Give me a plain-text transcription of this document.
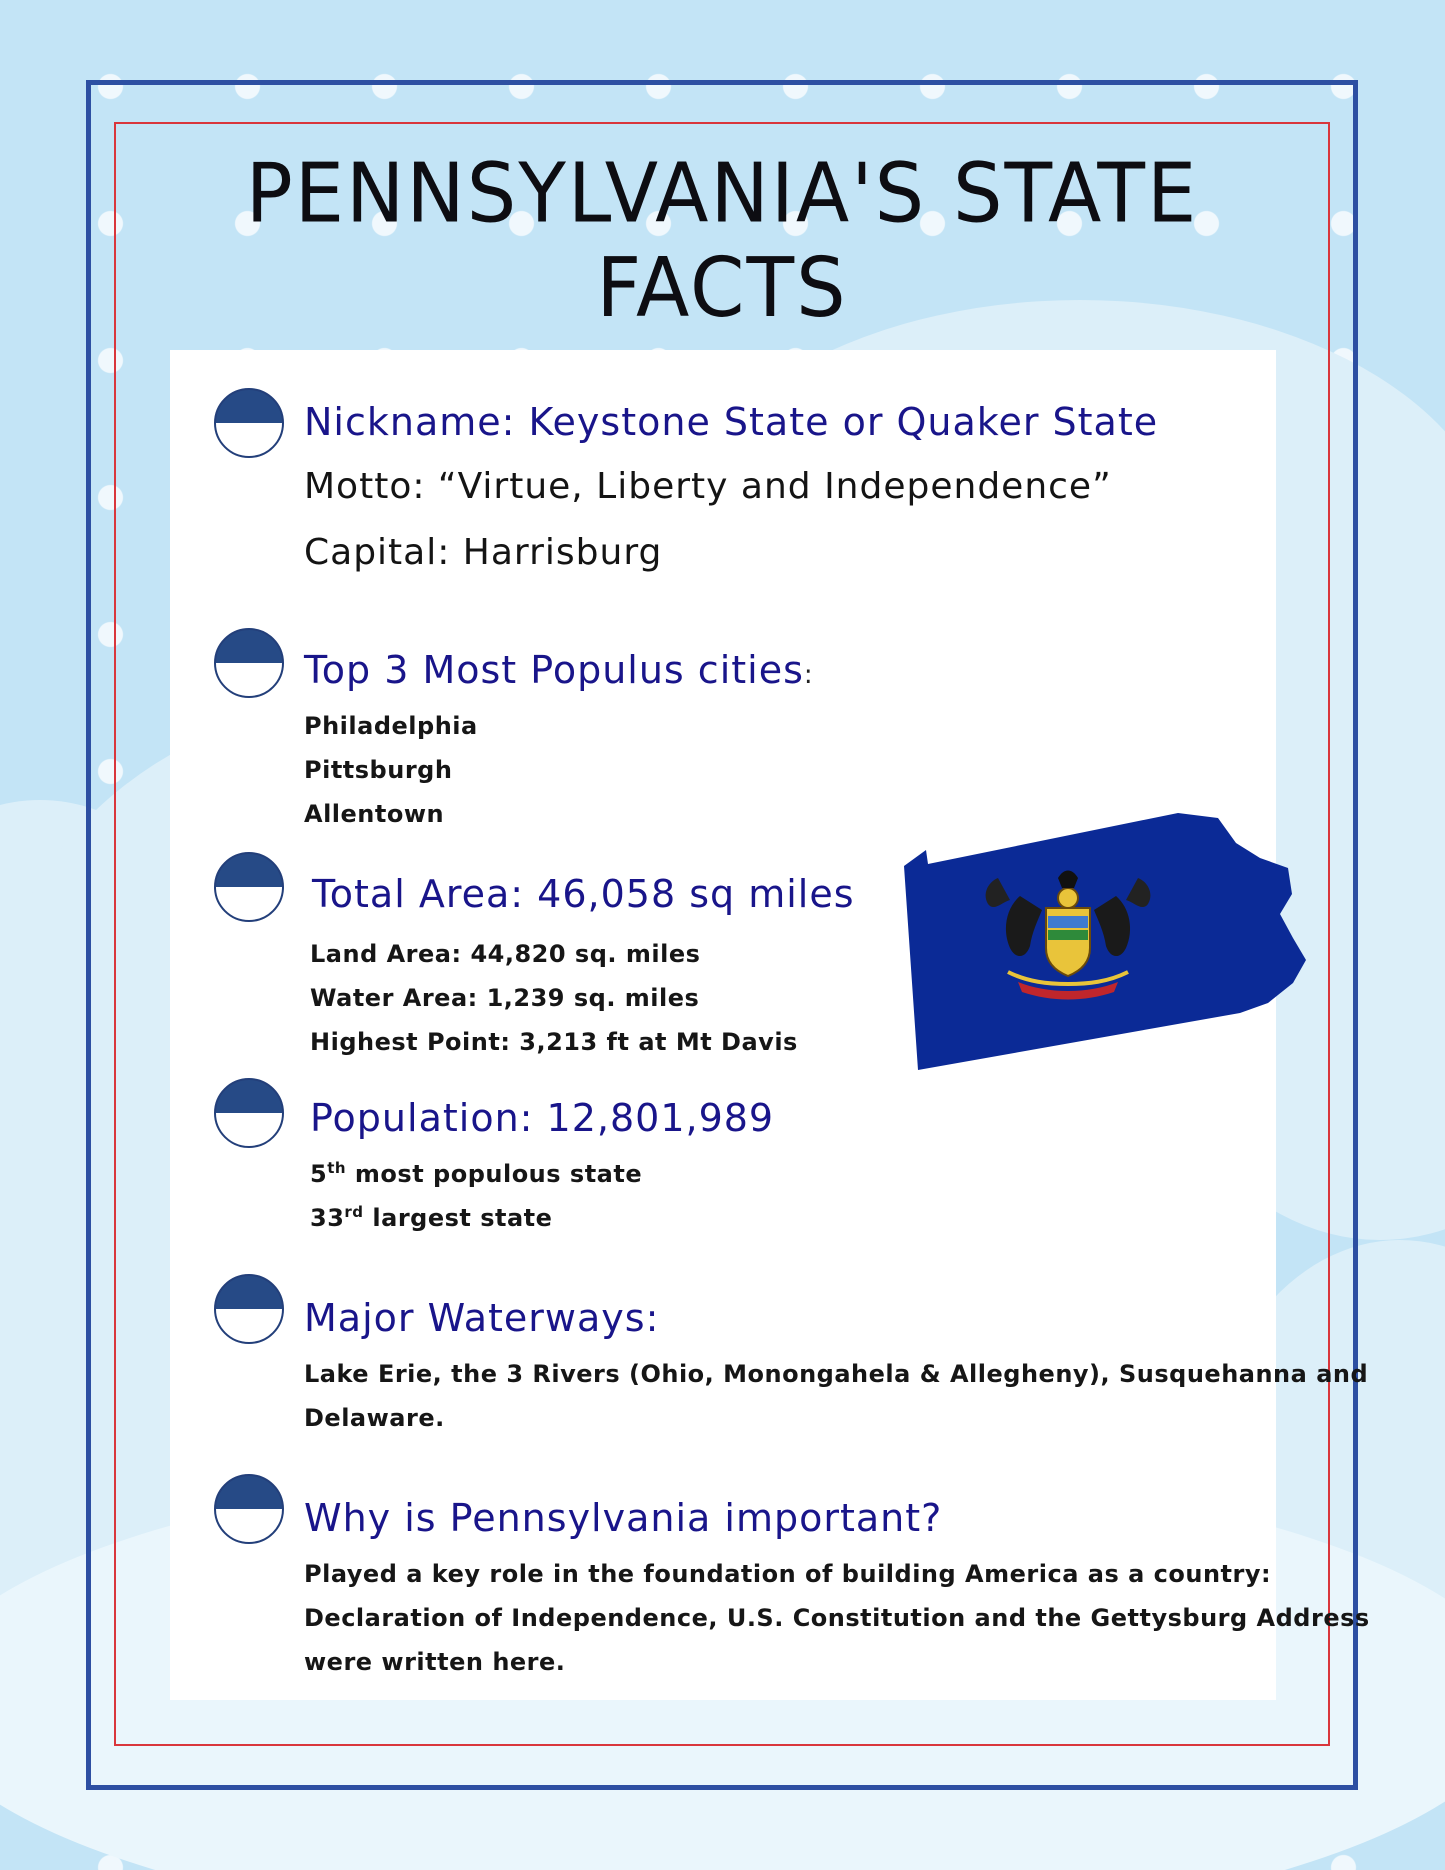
PENNSYLVANIA'S STATE FACTS
Nickname: Keystone State or Quaker State
Motto: “Virtue, Liberty and Independence”
Capital: Harrisburg
Top 3 Most Populus cities:
Philadelphia
Pittsburgh
Allentown
Total Area: 46,058 sq miles
Land Area: 44,820 sq. miles
Water Area: 1,239 sq. miles
Highest Point: 3,213 ft at Mt Davis
Population: 12,801,989
5th most populous state
33rd largest state
Major Waterways:
Lake Erie, the 3 Rivers (Ohio, Monongahela & Allegheny), Susquehanna and
Delaware.
Why is Pennsylvania important?
Played a key role in the foundation of building America as a country:
Declaration of Independence, U.S. Constitution and the Gettysburg Address
were written here.
